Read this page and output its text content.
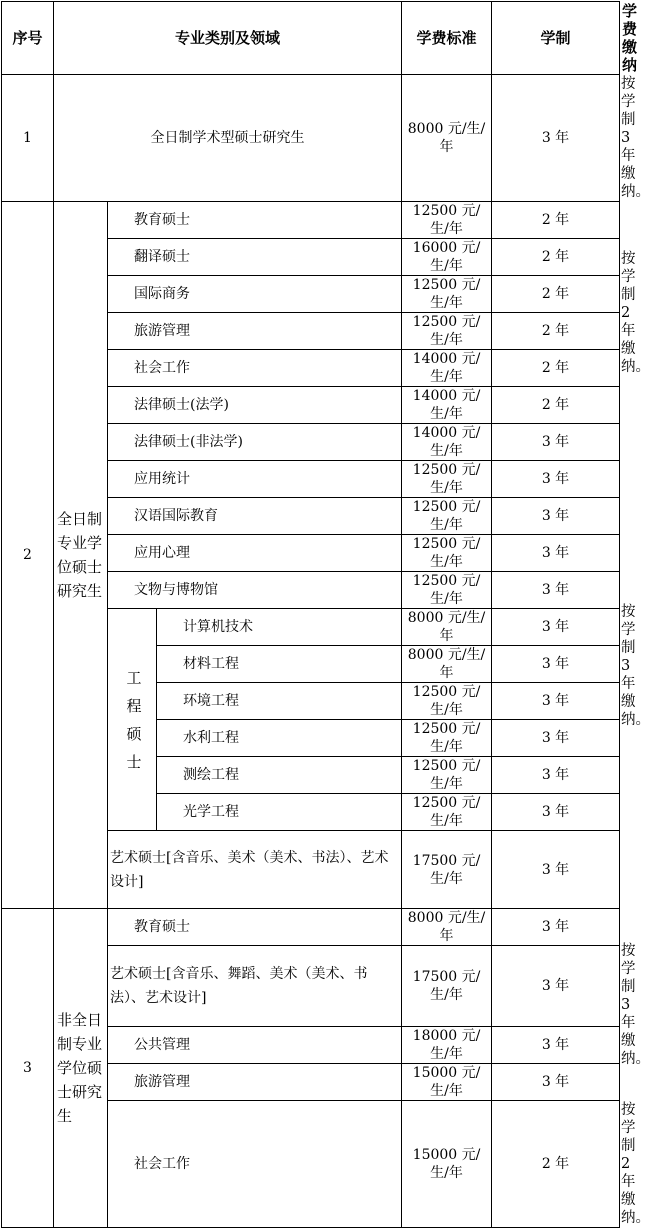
序号	专业类别及领域			学费标准	学制	学费缴纳
1	全日制学术型硕士研究生			8000 元/生/年	3 年	按学制 3 年缴纳。
2	全日制专业学位硕士研究生	教育硕士		12500 元/生/年	2 年	按学制 2 年缴纳。
		翻译硕士		16000 元/生/年	2 年	
		国际商务		12500 元/生/年	2 年	
		旅游管理		12500 元/生/年	2 年	
		社会工作		14000 元/生/年	2 年	
		法律硕士(法学)		14000 元/生/年	2 年	
		法律硕士(非法学)		14000 元/生/年	3 年	按学制 3 年缴纳。
		应用统计		12500 元/生/年	3 年	
		汉语国际教育		12500 元/生/年	3 年	
		应用心理		12500 元/生/年	3 年	
		文物与博物馆		12500 元/生/年	3 年	
		工程硕士	计算机技术	8000 元/生/年	3 年	
			材料工程	8000 元/生/年	3 年	
			环境工程	12500 元/生/年	3 年	
			水利工程	12500 元/生/年	3 年	
			测绘工程	12500 元/生/年	3 年	
			光学工程	12500 元/生/年	3 年	
		艺术硕士[含音乐、美术（美术、书法）、艺术设计]		17500 元/生/年	3 年	
3	非全日制专业学位硕士研究生	教育硕士		8000 元/生/年	3 年	按学制 3 年缴纳。
		艺术硕士[含音乐、舞蹈、美术（美术、书法）、艺术设计]		17500 元/生/年	3 年	
		公共管理		18000 元/生/年	3 年	
		旅游管理		15000 元/生/年	3 年	
		社会工作		15000 元/生/年	2 年	按学制 2 年缴纳。
